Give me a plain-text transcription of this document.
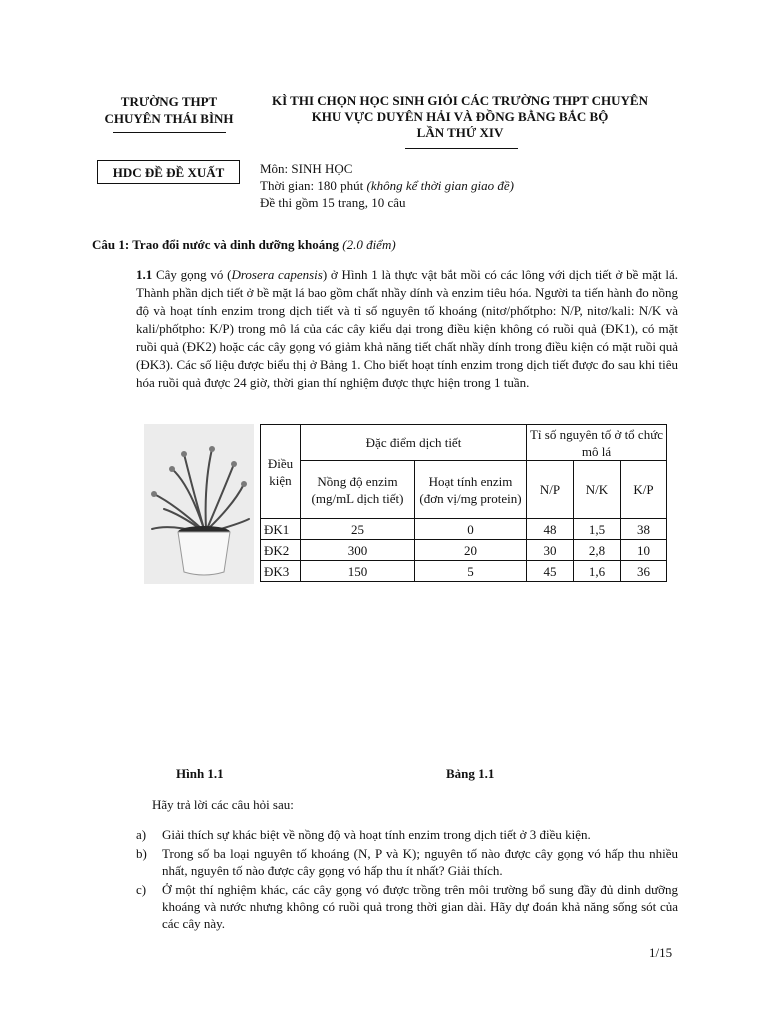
TRƯỜNG THPT
CHUYÊN THÁI BÌNH
KÌ THI CHỌN HỌC SINH GIỎI CÁC TRƯỜNG THPT CHUYÊN
KHU VỰC DUYÊN HẢI VÀ ĐỒNG BẰNG BẮC BỘ
LẦN THỨ XIV
HDC ĐỀ ĐỀ XUẤT	Môn: SINH HỌC
Thời gian: 180 phút (không kể thời gian giao đề)
Đề thi gồm 15 trang, 10 câu
Câu 1: Trao đổi nước và dinh dưỡng khoáng (2.0 điểm)
1.1 Cây gọng vó (Drosera capensis) ở Hình 1 là thực vật bắt mồi có các lông với dịch tiết ở bề mặt lá. Thành phần dịch tiết ở bề mặt lá bao gồm chất nhầy dính và enzim tiêu hóa. Người ta tiến hành đo nồng độ và hoạt tính enzim trong dịch tiết và tỉ số nguyên tố khoáng (nitơ/phốtpho: N/P, nitơ/kali: N/K và kali/phốtpho: K/P) trong mô lá của các cây kiểu dại trong điều kiện không có ruồi quả (ĐK1), có mặt ruồi quả (ĐK2) hoặc các cây gọng vó giảm khả năng tiết chất nhầy dính trong điều kiện có mặt ruồi quả (ĐK3). Các số liệu được biểu thị ở Bảng 1. Cho biết hoạt tính enzim trong dịch tiết được đo sau khi tiêu hóa ruồi quả được 24 giờ, thời gian thí nghiệm được thực hiện trong 1 tuần.
Điều kiện	Đặc điểm dịch tiết		Tỉ số nguyên tố ở tổ chức mô lá		
	Nồng độ enzim (mg/mL dịch tiết)	Hoạt tính enzim (đơn vị/mg protein)	N/P	N/K	K/P
ĐK1	25	0	48	1,5	38
ĐK2	300	20	30	2,8	10
ĐK3	150	5	45	1,6	36
Hình 1.1	Bảng 1.1
Hãy trả lời các câu hỏi sau:
a) Giải thích sự khác biệt về nồng độ và hoạt tính enzim trong dịch tiết ở 3 điều kiện.
b) Trong số ba loại nguyên tố khoáng (N, P và K); nguyên tố nào được cây gọng vó hấp thu nhiều nhất, nguyên tố nào được cây gọng vó hấp thu ít nhất? Giải thích.
c) Ở một thí nghiệm khác, các cây gọng vó được trồng trên môi trường bổ sung đầy đủ dinh dưỡng khoáng và nước nhưng không có ruồi quả trong thời gian dài. Hãy dự đoán khả năng sống sót của các cây này.
1/15
